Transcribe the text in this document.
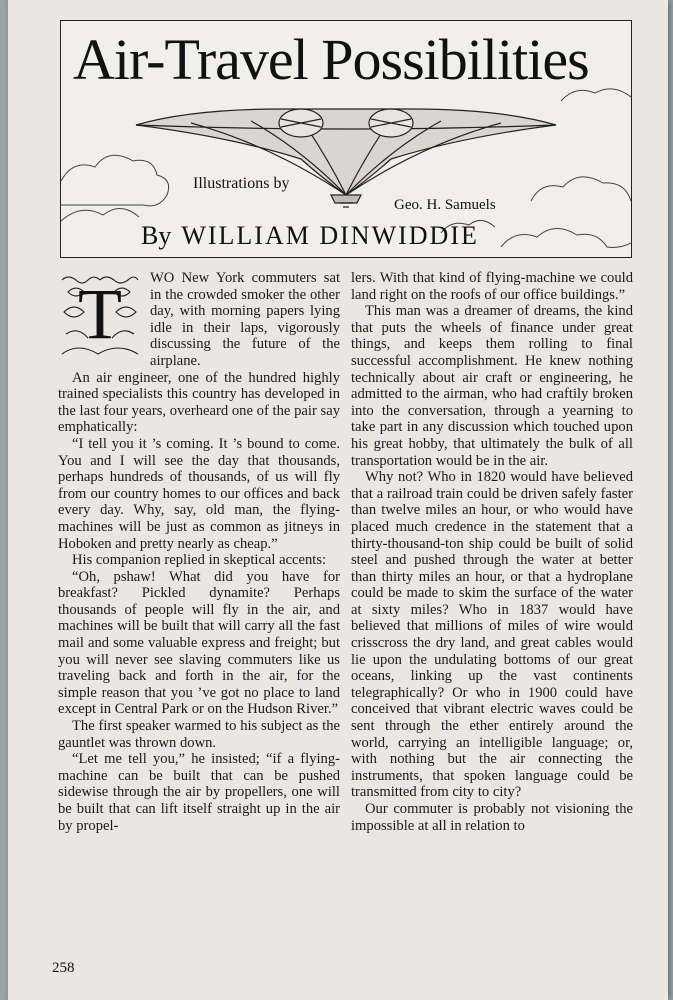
Air-Travel Possibilities
Illustrations by
Geo. H. Samuels
By WILLIAM DINWIDDIE
T	WO New York commuters sat in the crowded smoker the other day, with morning papers lying idle in their laps, vigorously discussing the future of the airplane.

An air engineer, one of the hundred highly trained specialists this country has developed in the last four years, overheard one of the pair say emphatically:

“I tell you it ’s coming. It ’s bound to come. You and I will see the day that thousands, perhaps hundreds of thousands, of us will fly from our country homes to our offices and back every day. Why, say, old man, the flying-machines will be just as common as jitneys in Hoboken and pretty nearly as cheap.”

His companion replied in skeptical accents:

“Oh, pshaw! What did you have for breakfast? Pickled dynamite? Perhaps thousands of people will fly in the air, and machines will be built that will carry all the fast mail and some valuable express and freight; but you will never see slaving commuters like us traveling back and forth in the air, for the simple reason that you ’ve got no place to land except in Central Park or on the Hudson River.”

The first speaker warmed to his subject as the gauntlet was thrown down.

“Let me tell you,” he insisted; “if a flying-machine can be built that can be pushed sidewise through the air by propellers, one will be built that can lift itself straight up in the air by propel-

lers. With that kind of flying-machine we could land right on the roofs of our office buildings.”

This man was a dreamer of dreams, the kind that puts the wheels of finance under great things, and keeps them rolling to final successful accomplishment. He knew nothing technically about air craft or engineering, he admitted to the airman, who had craftily broken into the conversation, through a yearning to take part in any discussion which touched upon his great hobby, that ultimately the bulk of all transportation would be in the air.

Why not? Who in 1820 would have believed that a railroad train could be driven safely faster than twelve miles an hour, or who would have placed much credence in the statement that a thirty-thousand-ton ship could be built of solid steel and pushed through the water at better than thirty miles an hour, or that a hydroplane could be made to skim the surface of the water at sixty miles? Who in 1837 would have believed that millions of miles of wire would crisscross the dry land, and great cables would lie upon the undulating bottoms of our great oceans, linking up the vast continents telegraphically? Or who in 1900 could have conceived that vibrant electric waves could be sent through the ether entirely around the world, carrying an intelligible language; or, with nothing but the air connecting the instruments, that spoken language could be transmitted from city to city?

Our commuter is probably not visioning the impossible at all in relation to

258
